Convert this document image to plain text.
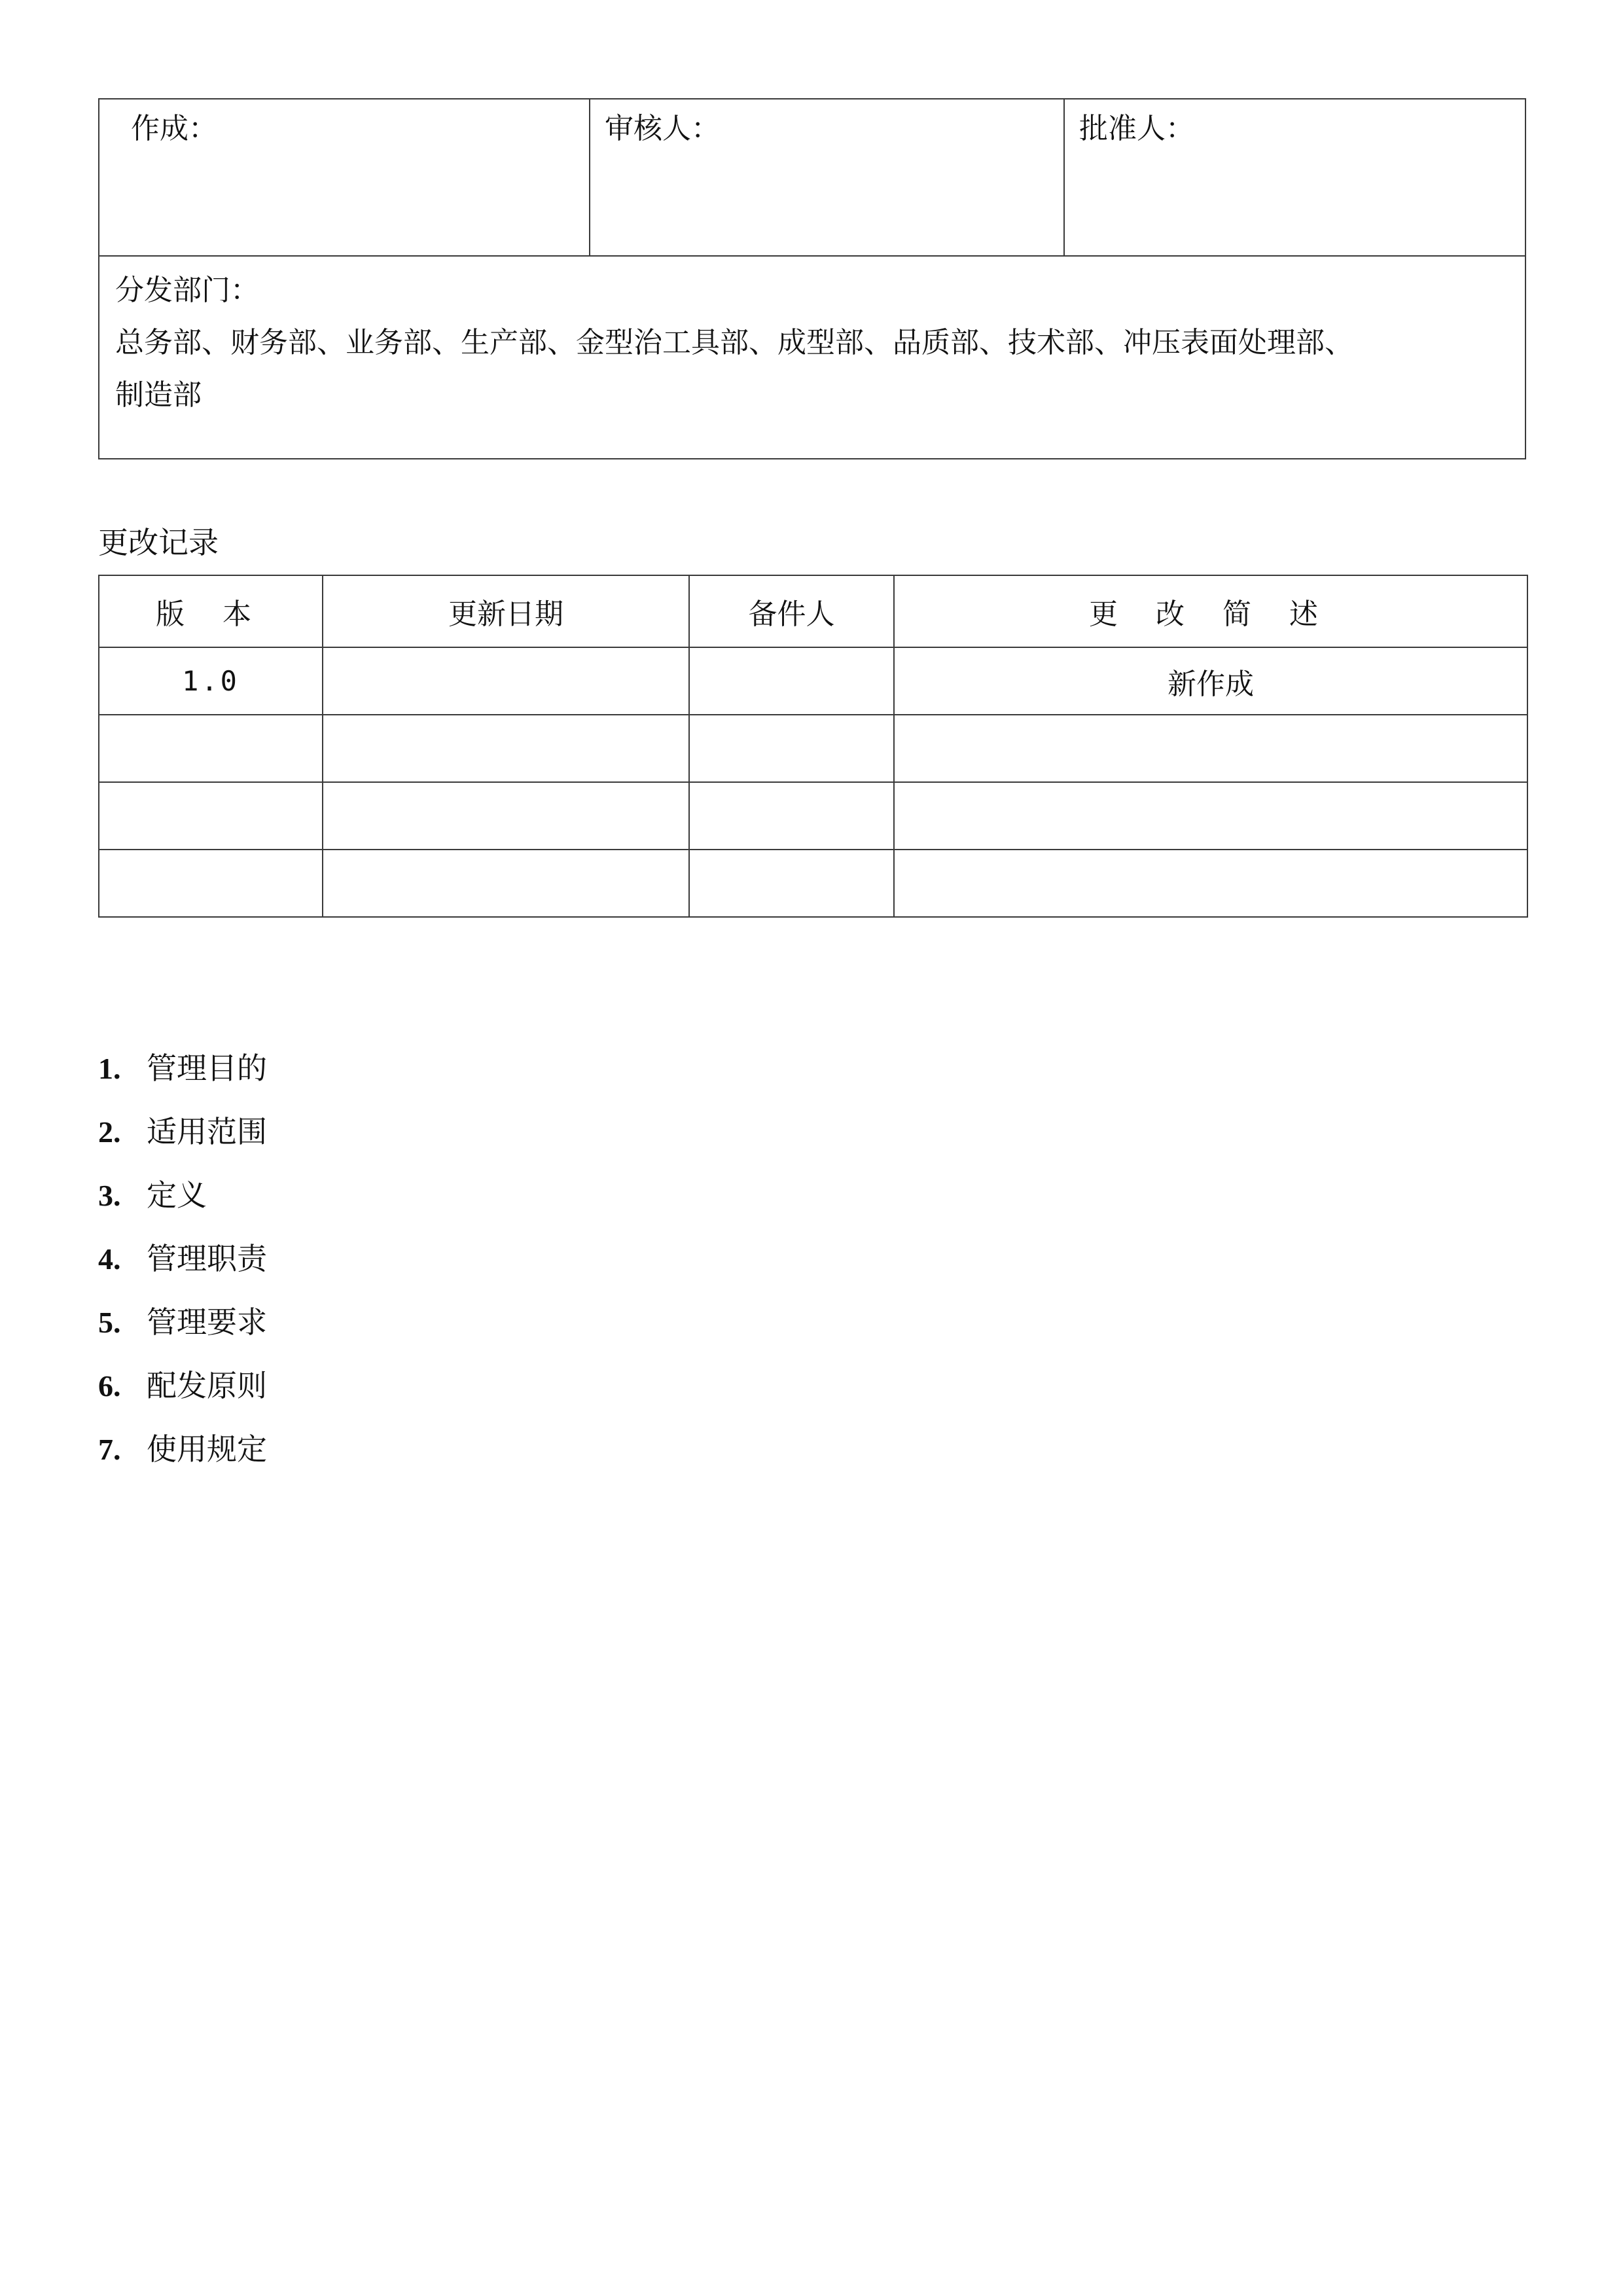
作成：	审核人：	批准人：

分发部门：
总务部、财务部、业务部、生产部、金型治工具部、成型部、品质部、技术部、冲压表面处理部、
制造部
更改记录
版 本	更新日期	备件人	更 改 简 述
1.0			新作成

1. 管理目的
2. 适用范围
3. 定义
4. 管理职责
5. 管理要求
6. 配发原则
7. 使用规定
